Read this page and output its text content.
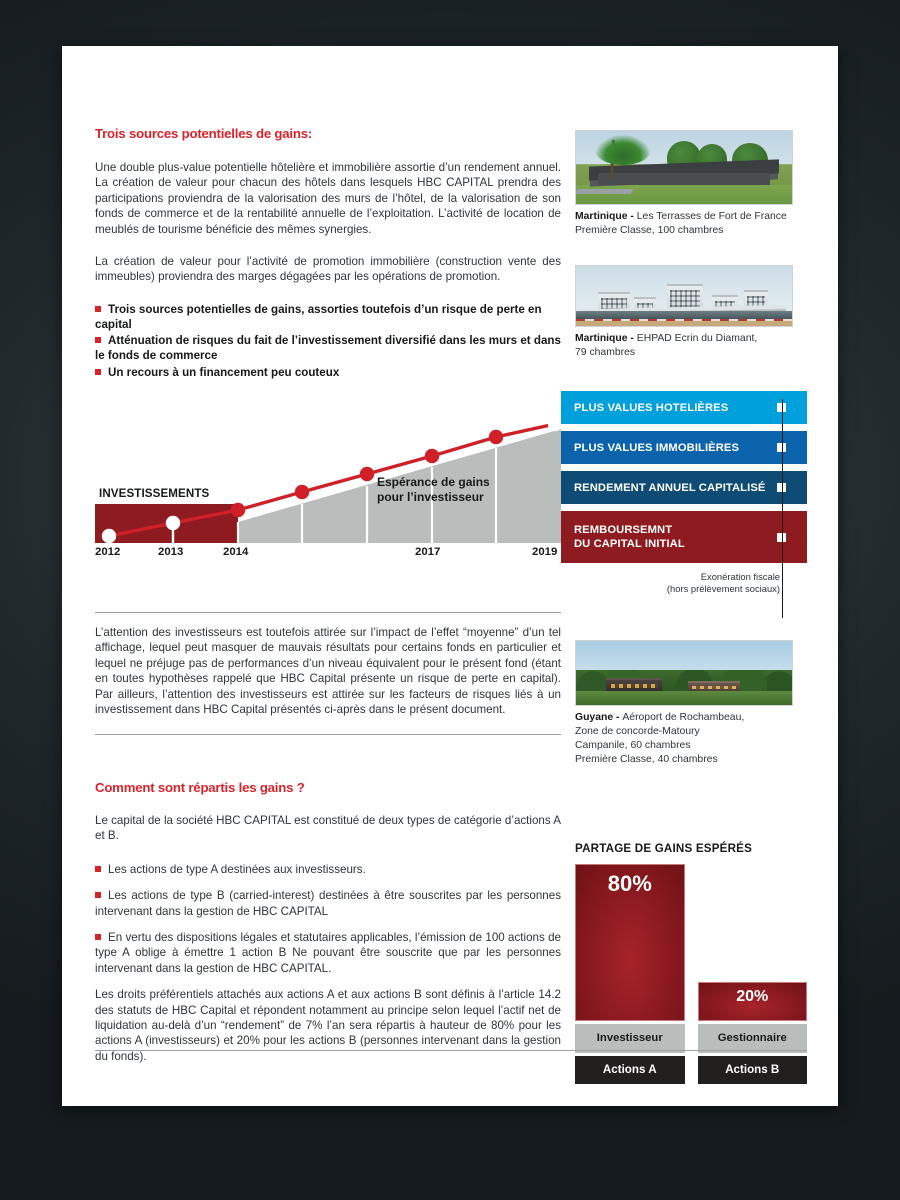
Trois sources potentielles de gains:

Une double plus-value potentielle hôtelière et immobilière assortie d’un rendement annuel. La création de valeur pour chacun des hôtels dans lesquels HBC CAPITAL prendra des participations proviendra de la valorisation des murs de l’hôtel, de la valorisation de son fonds de commerce et de la rentabilité annuelle de l’exploitation. L’activité de location de meublés de tourisme bénéficie des mêmes synergies.

La création de valeur pour l’activité de promotion immobilière (construction vente des immeubles) proviendra des marges dégagées par les opérations de promotion.

Trois sources potentielles de gains, assorties toutefois d’un risque de perte en capital
Atténuation de risques du fait de l’investissement diversifié dans les murs et dans le fonds de commerce
Un recours à un financement peu couteux

L’attention des investisseurs est toutefois attirée sur l’impact de l’effet “moyenne” d’un tel affichage, lequel peut masquer de mauvais résultats pour certains fonds en particulier et lequel ne préjuge pas de performances d’un niveau équivalent pour le présent fond (étant en toutes hypothèses rappelé que HBC Capital présente un risque de perte en capital). Par ailleurs, l’attention des investisseurs est attirée sur les facteurs de risques liés à un investissement dans HBC Capital présentés ci-après dans le présent document.

Comment sont répartis les gains ?

Le capital de la société HBC CAPITAL est constitué de deux types de catégorie d’actions A et B.

Les actions de type A destinées aux investisseurs.

Les actions de type B (carried-interest) destinées à être souscrites par les personnes intervenant dans la gestion de HBC CAPITAL

En vertu des dispositions légales et statutaires applicables, l’émission de 100 actions de type A oblige à émettre 1 action B Ne pouvant être souscrite que par les personnes intervenant dans la gestion de HBC CAPITAL.

Les droits préférentiels attachés aux actions A et aux actions B sont définis à l’article 14.2 des statuts de HBC Capital et répondent notamment au principe selon lequel l’actif net de liquidation au-delà d’un “rendement” de 7% l’an sera répartis à hauteur de 80% pour les actions A (investisseurs) et 20% pour les actions B (personnes intervenant dans la gestion du fonds).

Martinique - Les Terrasses de Fort de France
Première Classe, 100 chambres
Martinique - EHPAD Ecrin du Diamant,
79 chambres
Guyane - Aéroport de Rochambeau,
Zone de concorde-Matoury
Campanile, 60 chambres
Première Classe, 40 chambres
INVESTISSEMENTS
Espérance de gains
pour l’investisseur
2012	2013	2014	2017	2019
PLUS VALUES HOTELIÈRES
PLUS VALUES IMMOBILIÈRES
RENDEMENT ANNUEL CAPITALISÉ
REMBOURSEMNT
DU CAPITAL INITIAL
Exonération fiscale
(hors prélèvement sociaux)
PARTAGE DE GAINS ESPÉRÉS
80%
Investisseur
Actions A
20%
Gestionnaire
Actions B
